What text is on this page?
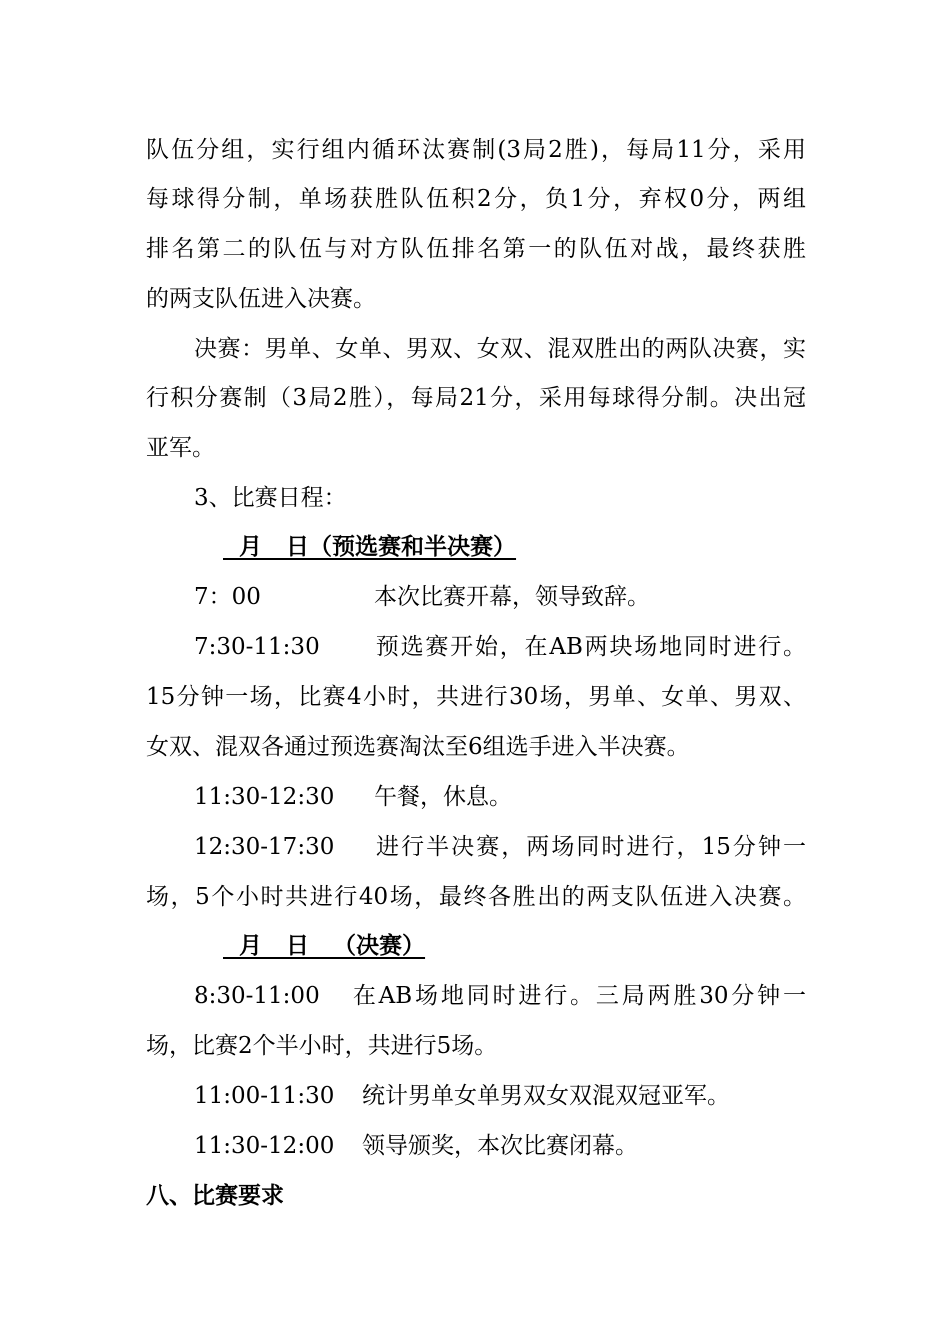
队伍分组，实行组内循环汰赛制(3局2胜)，每局11分，采用
每球得分制，单场获胜队伍积2分，负1分，弃权0分，两组
排名第二的队伍与对方队伍排名第一的队伍对战，最终获胜
的两支队伍进入决赛。
决赛：男单、女单、男双、女双、混双胜出的两队决赛，实
行积分赛制（3局2胜），每局21分，采用每球得分制。决出冠
亚军。
3、比赛日程：
月   日（预选赛和半决赛）
7：00	本次比赛开幕，领导致辞。
7:30-11:30 预选赛开始，在AB两块场地同时进行。
15分钟一场，比赛4小时，共进行30场，男单、女单、男双、
女双、混双各通过预选赛淘汰至6组选手进入半决赛。
11:30-12:30 午餐，休息。
12:30-17:30 进行半决赛，两场同时进行，15分钟一
场，5个小时共进行40场，最终各胜出的两支队伍进入决赛。
月   日   （决赛）
8:30-11:00 在AB场地同时进行。三局两胜30分钟一
场，比赛2个半小时，共进行5场。
11:00-11:30 统计男单女单男双女双混双冠亚军。
11:30-12:00 领导颁奖，本次比赛闭幕。
八、比赛要求
